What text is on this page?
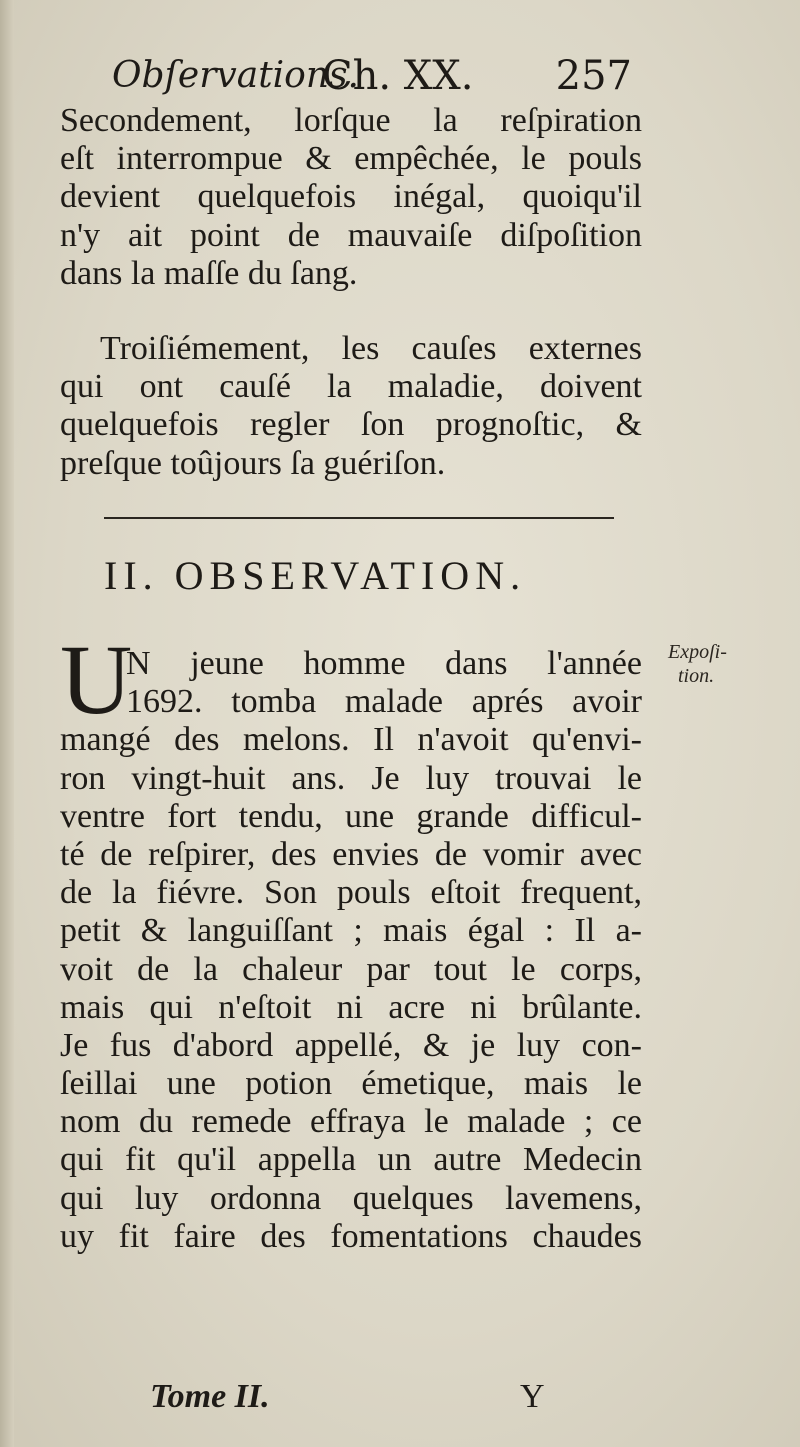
Obſervations.
Ch. XX. 257
Secondement, lorſque la reſpiration
eſt interrompue & empêchée, le pouls
devient quelquefois inégal, quoiqu'il
n'y ait point de mauvaiſe diſpoſition
dans la maſſe du ſang.
Troiſiémement, les cauſes externes
qui ont cauſé la maladie, doivent
quelquefois regler ſon prognoſtic, &
preſque toûjours ſa guériſon.
II. OBSERVATION.
U	Expoſi-
tion.
N jeune homme dans l'année
1692. tomba malade aprés avoir
mangé des melons. Il n'avoit qu'envi-
ron vingt-huit ans. Je luy trouvai le
ventre fort tendu, une grande difficul-
té de reſpirer, des envies de vomir avec
de la fiévre. Son pouls eſtoit frequent,
petit & languiſſant ; mais égal : Il a-
voit de la chaleur par tout le corps,
mais qui n'eſtoit ni acre ni brûlante.
Je fus d'abord appellé, & je luy con-
ſeillai une potion émetique, mais le
nom du remede effraya le malade ; ce
qui fit qu'il appella un autre Medecin
qui luy ordonna quelques lavemens,
uy fit faire des fomentations chaudes
Tome II.	Y
